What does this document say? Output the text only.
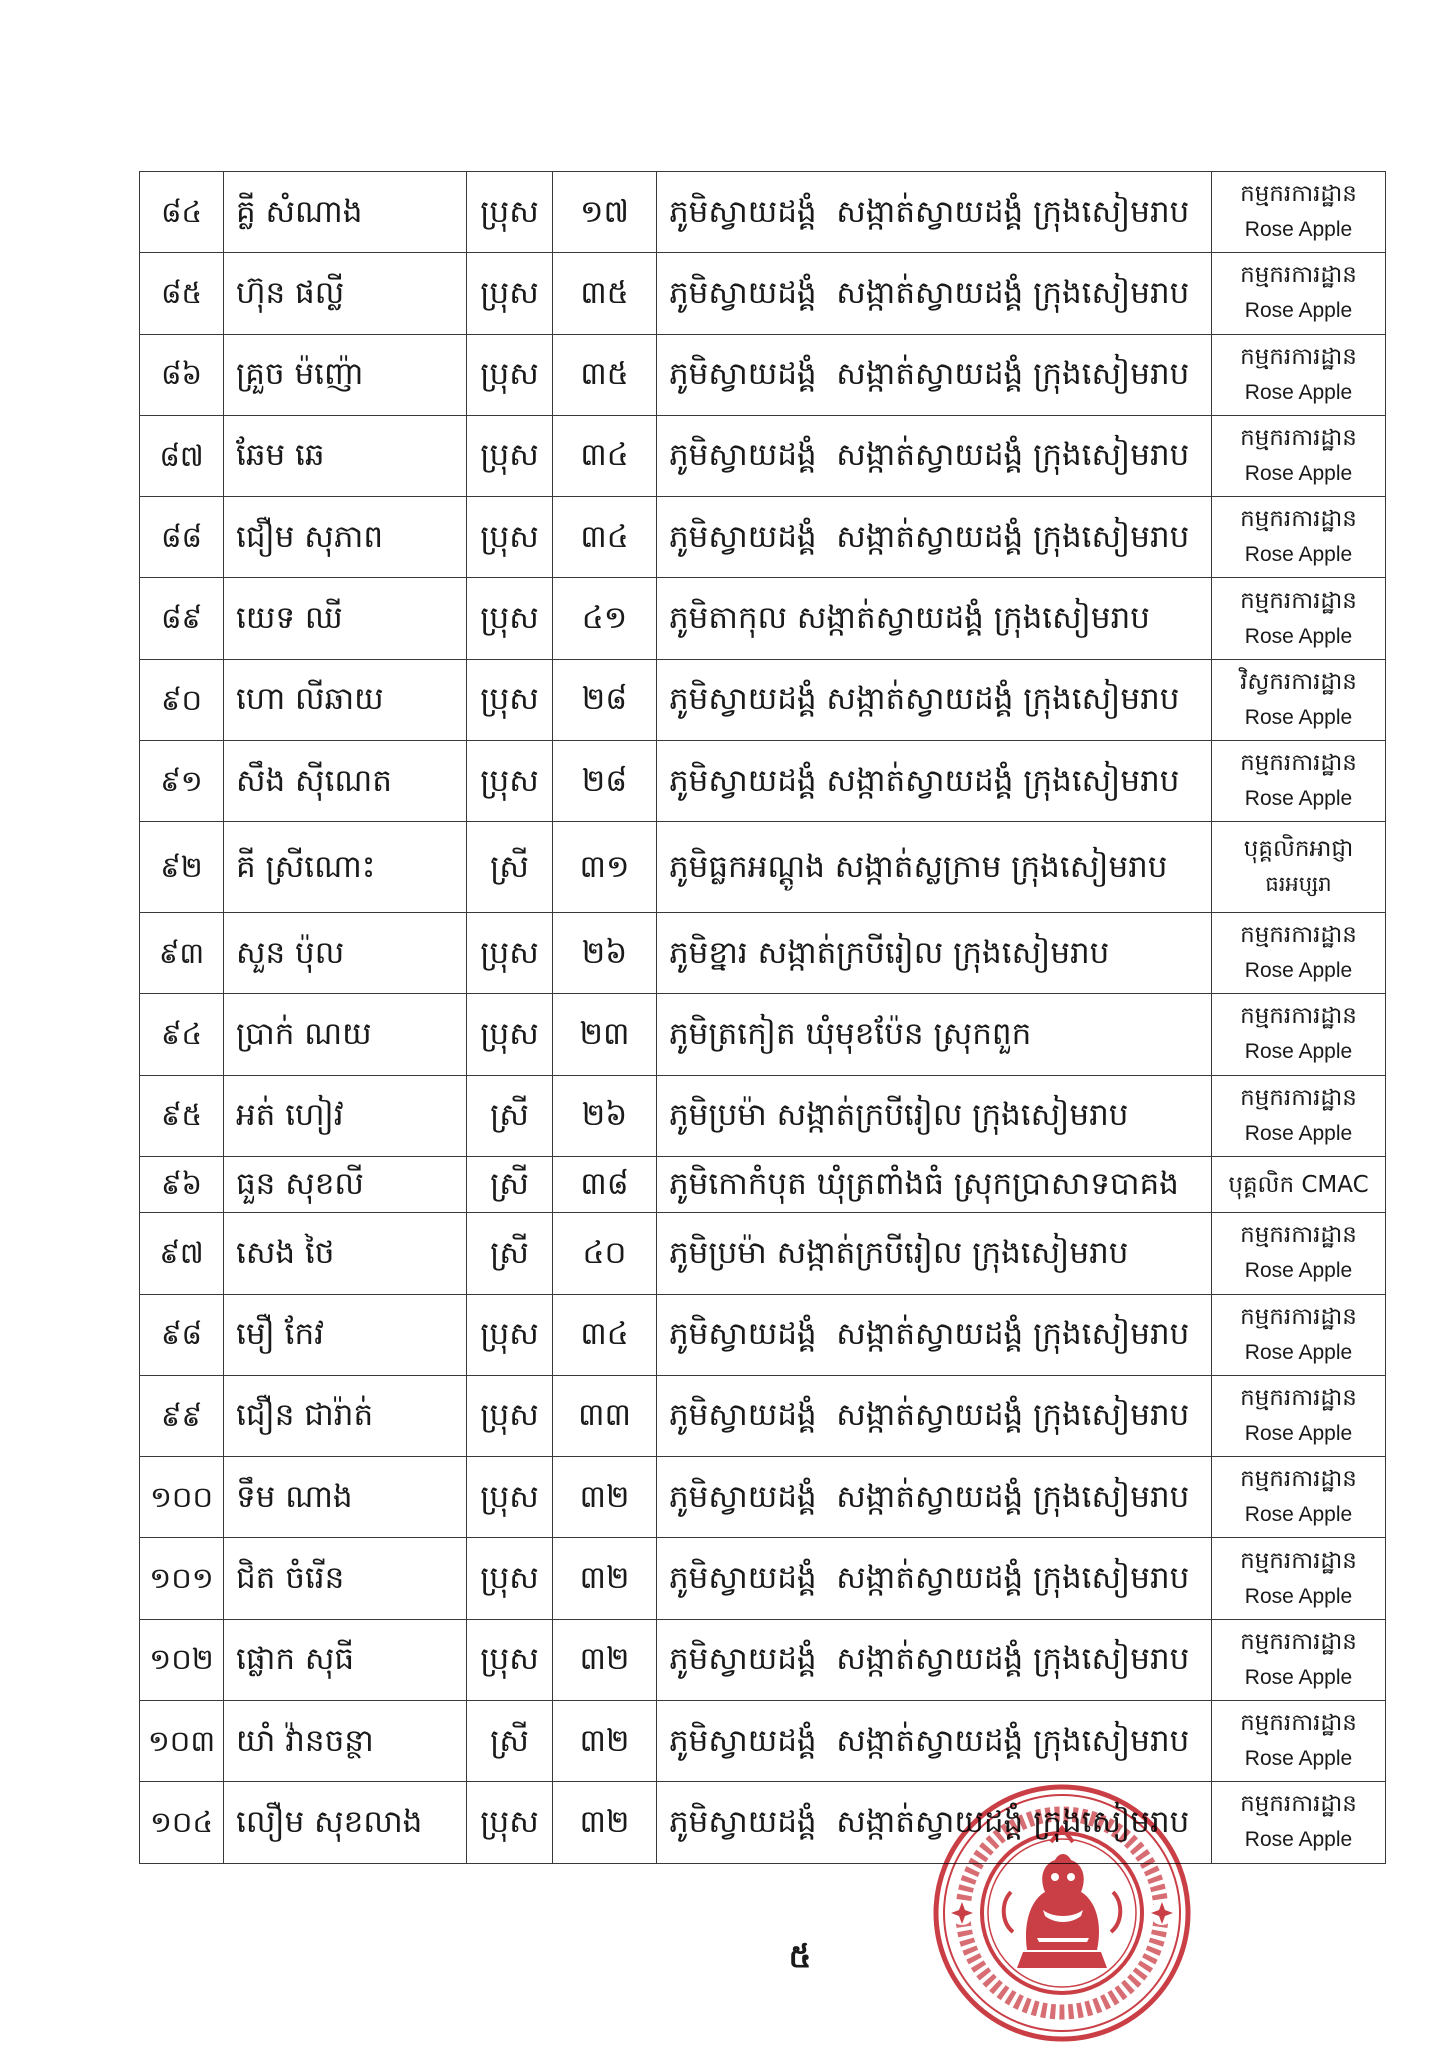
៨៤	គ្លី សំណាង	ប្រុស	១៧	ភូមិស្វាយដង្គំ  សង្កាត់ស្វាយដង្គំ ក្រុងសៀមរាប	កម្មករការដ្ឋាន
Rose Apple

៨៥	ហ៊ុន ផល្លី	ប្រុស	៣៥	ភូមិស្វាយដង្គំ  សង្កាត់ស្វាយដង្គំ ក្រុងសៀមរាប	កម្មករការដ្ឋាន
Rose Apple

៨៦	គ្រួច ម៉ញ៉ោ	ប្រុស	៣៥	ភូមិស្វាយដង្គំ  សង្កាត់ស្វាយដង្គំ ក្រុងសៀមរាប	កម្មករការដ្ឋាន
Rose Apple

៨៧	ឆែម ឆេ	ប្រុស	៣៤	ភូមិស្វាយដង្គំ  សង្កាត់ស្វាយដង្គំ ក្រុងសៀមរាប	កម្មករការដ្ឋាន
Rose Apple

៨៨	ជឿម សុភាព	ប្រុស	៣៤	ភូមិស្វាយដង្គំ  សង្កាត់ស្វាយដង្គំ ក្រុងសៀមរាប	កម្មករការដ្ឋាន
Rose Apple

៨៩	យេទ ឈី	ប្រុស	៤១	ភូមិតាកុល សង្កាត់ស្វាយដង្គំ ក្រុងសៀមរាប	កម្មករការដ្ឋាន
Rose Apple

៩០	ហោ លីឆាយ	ប្រុស	២៨	ភូមិស្វាយដង្គំ សង្កាត់ស្វាយដង្គំ ក្រុងសៀមរាប	វិស្វករការដ្ឋាន
Rose Apple

៩១	សឹង ស៊ីណេត	ប្រុស	២៨	ភូមិស្វាយដង្គំ សង្កាត់ស្វាយដង្គំ ក្រុងសៀមរាប	កម្មករការដ្ឋាន
Rose Apple

៩២	គី ស្រីណោះ	ស្រី	៣១	ភូមិធ្លកអណ្តូង សង្កាត់ស្លក្រាម ក្រុងសៀមរាប	បុគ្គលិកអាជ្ញា
ធរអប្សរា

៩៣	សួន ប៉ុល	ប្រុស	២៦	ភូមិខ្នារ សង្កាត់ក្របីរៀល ក្រុងសៀមរាប	កម្មករការដ្ឋាន
Rose Apple

៩៤	ប្រាក់ ណយ	ប្រុស	២៣	ភូមិត្រកៀត ឃុំមុខប៉ែន ស្រុកពួក	កម្មករការដ្ឋាន
Rose Apple

៩៥	អត់ ហៀវ	ស្រី	២៦	ភូមិប្រម៉ា សង្កាត់ក្របីរៀល ក្រុងសៀមរាប	កម្មករការដ្ឋាន
Rose Apple

៩៦	ធួន សុខលី	ស្រី	៣៨	ភូមិកោកំបុត ឃុំត្រពាំងធំ ស្រុកប្រាសាទបាគង	បុគ្គលិក CMAC

៩៧	សេង ថៃ	ស្រី	៤០	ភូមិប្រម៉ា សង្កាត់ក្របីរៀល ក្រុងសៀមរាប	កម្មករការដ្ឋាន
Rose Apple

៩៨	មឿ កែវ	ប្រុស	៣៤	ភូមិស្វាយដង្គំ  សង្កាត់ស្វាយដង្គំ ក្រុងសៀមរាប	កម្មករការដ្ឋាន
Rose Apple

៩៩	ជឿន ជារ៉ាត់	ប្រុស	៣៣	ភូមិស្វាយដង្គំ  សង្កាត់ស្វាយដង្គំ ក្រុងសៀមរាប	កម្មករការដ្ឋាន
Rose Apple

១០០	ទឹម ណាង	ប្រុស	៣២	ភូមិស្វាយដង្គំ  សង្កាត់ស្វាយដង្គំ ក្រុងសៀមរាប	កម្មករការដ្ឋាន
Rose Apple

១០១	ជិត ចំរើន	ប្រុស	៣២	ភូមិស្វាយដង្គំ  សង្កាត់ស្វាយដង្គំ ក្រុងសៀមរាប	កម្មករការដ្ឋាន
Rose Apple

១០២	ផ្លោក សុធី	ប្រុស	៣២	ភូមិស្វាយដង្គំ  សង្កាត់ស្វាយដង្គំ ក្រុងសៀមរាប	កម្មករការដ្ឋាន
Rose Apple

១០៣	យាំ វ៉ានចន្ថា	ស្រី	៣២	ភូមិស្វាយដង្គំ  សង្កាត់ស្វាយដង្គំ ក្រុងសៀមរាប	កម្មករការដ្ឋាន
Rose Apple

១០៤	លឿម សុខលាង	ប្រុស	៣២	ភូមិស្វាយដង្គំ  សង្កាត់ស្វាយដង្គំ ក្រុងសៀមរាប	កម្មករការដ្ឋាន
Rose Apple
៥
